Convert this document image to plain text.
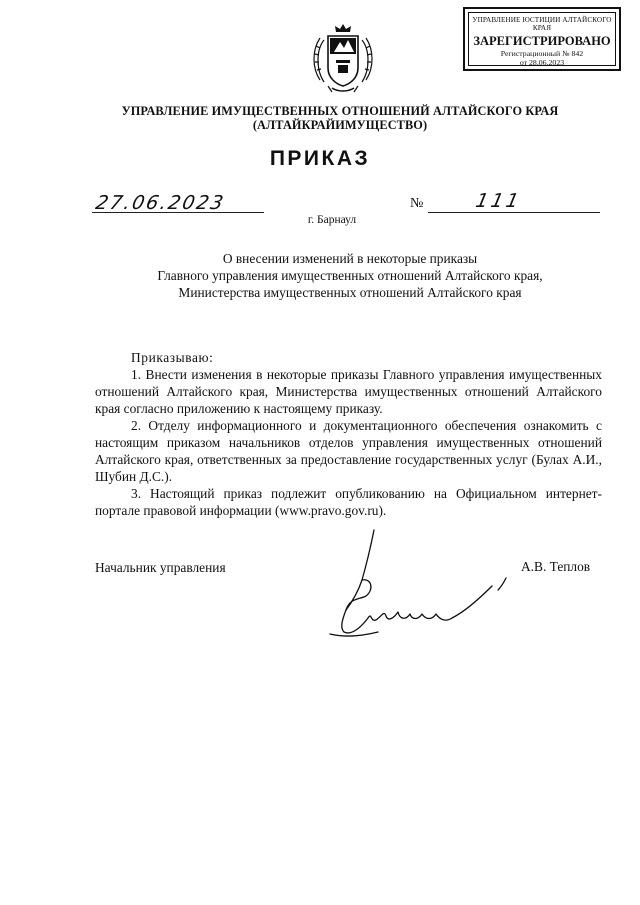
УПРАВЛЕНИЕ ЮСТИЦИИ АЛТАЙСКОГО КРАЯ
ЗАРЕГИСТРИРОВАНО
Регистрационный № 842
от 28.06.2023
УПРАВЛЕНИЕ ИМУЩЕСТВЕННЫХ ОТНОШЕНИЙ АЛТАЙСКОГО КРАЯ
(АЛТАЙКРАЙИМУЩЕСТВО)
ПРИКАЗ
27.06.2023	№	111
г. Барнаул
О внесении изменений в некоторые приказы
Главного управления имущественных отношений Алтайского края,
Министерства имущественных отношений Алтайского края
Приказываю:

1. Внести изменения в некоторые приказы Главного управления имущественных отношений Алтайского края, Министерства имущественных отношений Алтайского края согласно приложению к настоящему приказу.

2. Отделу информационного и документационного обеспечения ознакомить с настоящим приказом начальников отделов управления имущественных отношений Алтайского края, ответственных за предоставление государственных услуг (Булах А.И., Шубин Д.С.).

3. Настоящий приказ подлежит опубликованию на Официальном интернет-портале правовой информации (www.pravo.gov.ru).

Начальник управления	А.В. Теплов
